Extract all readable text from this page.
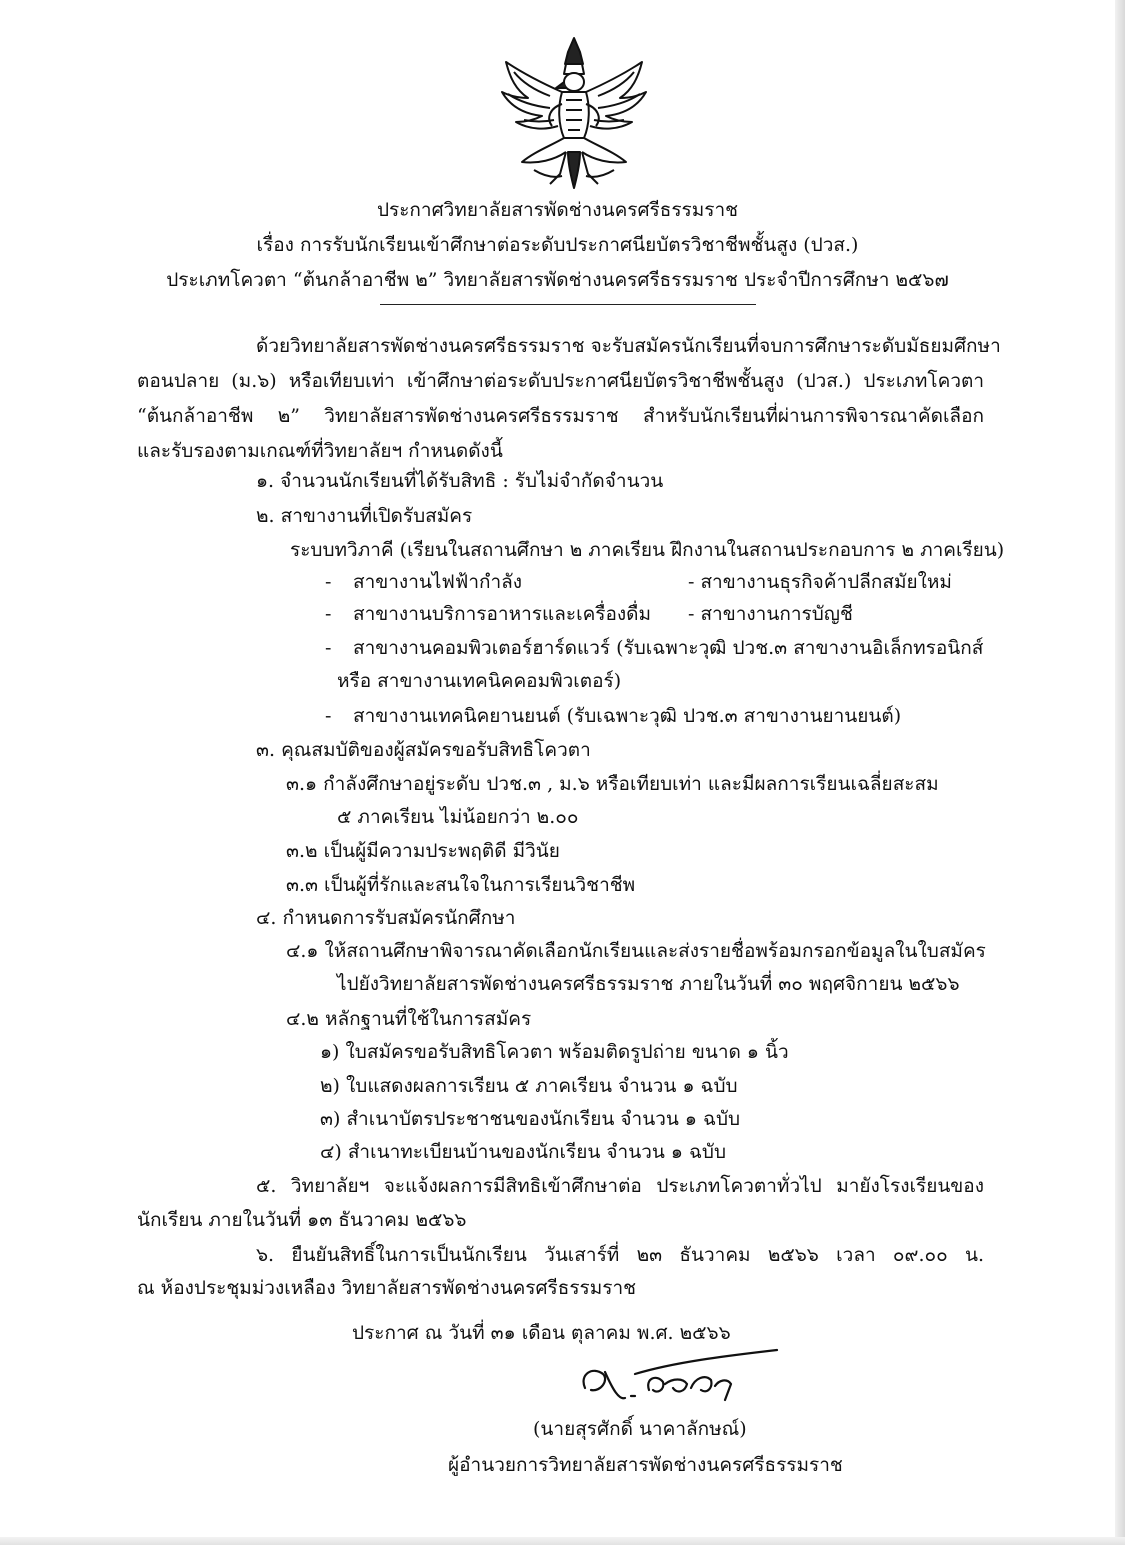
ประกาศวิทยาลัยสารพัดช่างนครศรีธรรมราช
เรื่อง การรับนักเรียนเข้าศึกษาต่อระดับประกาศนียบัตรวิชาชีพชั้นสูง (ปวส.)
ประเภทโควตา “ต้นกล้าอาชีพ ๒” วิทยาลัยสารพัดช่างนครศรีธรรมราช ประจำปีการศึกษา ๒๕๖๗
ด้วยวิทยาลัยสารพัดช่างนครศรีธรรมราช จะรับสมัครนักเรียนที่จบการศึกษาระดับมัธยมศึกษา
ตอนปลาย (ม.๖) หรือเทียบเท่า เข้าศึกษาต่อระดับประกาศนียบัตรวิชาชีพชั้นสูง (ปวส.) ประเภทโควตา
“ต้นกล้าอาชีพ ๒” วิทยาลัยสารพัดช่างนครศรีธรรมราช สำหรับนักเรียนที่ผ่านการพิจารณาคัดเลือก
และรับรองตามเกณฑ์ที่วิทยาลัยฯ กำหนดดังนี้
๑. จำนวนนักเรียนที่ได้รับสิทธิ : รับไม่จำกัดจำนวน
๒. สาขางานที่เปิดรับสมัคร
ระบบทวิภาคี (เรียนในสถานศึกษา ๒ ภาคเรียน ฝึกงานในสถานประกอบการ ๒ ภาคเรียน)
- สาขางานไฟฟ้ากำลัง	- สาขางานธุรกิจค้าปลีกสมัยใหม่
- สาขางานบริการอาหารและเครื่องดื่ม - สาขางานการบัญชี
- สาขางานคอมพิวเตอร์ฮาร์ดแวร์ (รับเฉพาะวุฒิ ปวช.๓ สาขางานอิเล็กทรอนิกส์
หรือ สาขางานเทคนิคคอมพิวเตอร์)
- สาขางานเทคนิคยานยนต์ (รับเฉพาะวุฒิ ปวช.๓ สาขางานยานยนต์)
๓. คุณสมบัติของผู้สมัครขอรับสิทธิโควตา
๓.๑ กำลังศึกษาอยู่ระดับ ปวช.๓ , ม.๖ หรือเทียบเท่า และมีผลการเรียนเฉลี่ยสะสม
๕ ภาคเรียน ไม่น้อยกว่า ๒.๐๐
๓.๒ เป็นผู้มีความประพฤติดี มีวินัย
๓.๓ เป็นผู้ที่รักและสนใจในการเรียนวิชาชีพ
๔. กำหนดการรับสมัครนักศึกษา
๔.๑ ให้สถานศึกษาพิจารณาคัดเลือกนักเรียนและส่งรายชื่อพร้อมกรอกข้อมูลในใบสมัคร
ไปยังวิทยาลัยสารพัดช่างนครศรีธรรมราช ภายในวันที่ ๓๐ พฤศจิกายน ๒๕๖๖
๔.๒ หลักฐานที่ใช้ในการสมัคร
๑) ใบสมัครขอรับสิทธิโควตา พร้อมติดรูปถ่าย ขนาด ๑ นิ้ว
๒) ใบแสดงผลการเรียน ๕ ภาคเรียน จำนวน ๑ ฉบับ
๓) สำเนาบัตรประชาชนของนักเรียน จำนวน ๑ ฉบับ
๔) สำเนาทะเบียนบ้านของนักเรียน จำนวน ๑ ฉบับ
๕. วิทยาลัยฯ จะแจ้งผลการมีสิทธิเข้าศึกษาต่อ ประเภทโควตาทั่วไป มายังโรงเรียนของ
นักเรียน ภายในวันที่ ๑๓ ธันวาคม ๒๕๖๖
๖. ยืนยันสิทธิ์ในการเป็นนักเรียน วันเสาร์ที่ ๒๓ ธันวาคม ๒๕๖๖ เวลา ๐๙.๐๐ น.
ณ ห้องประชุมม่วงเหลือง วิทยาลัยสารพัดช่างนครศรีธรรมราช
ประกาศ ณ วันที่ ๓๑ เดือน ตุลาคม พ.ศ. ๒๕๖๖
(นายสุรศักดิ์ นาคาลักษณ์)
ผู้อำนวยการวิทยาลัยสารพัดช่างนครศรีธรรมราช
